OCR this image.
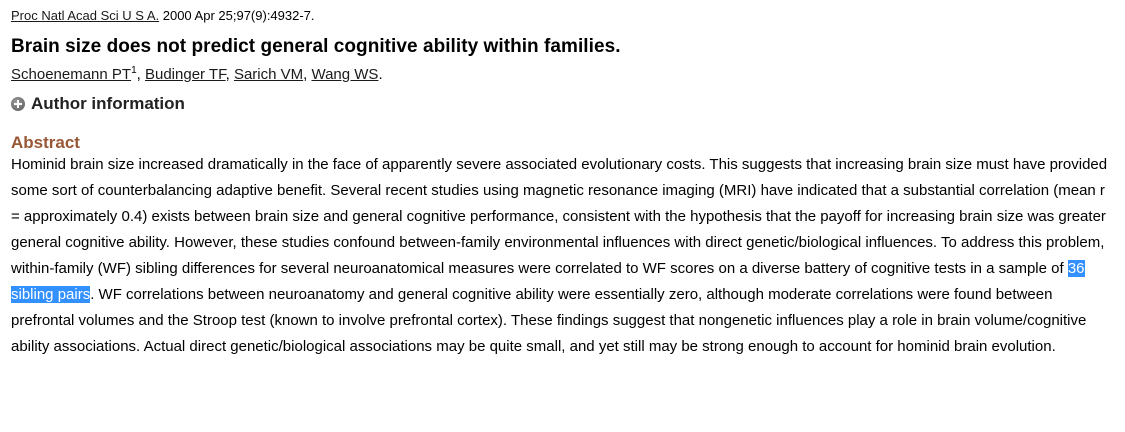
Proc Natl Acad Sci U S A. 2000 Apr 25;97(9):4932-7.
Brain size does not predict general cognitive ability within families.
Schoenemann $PT^1$, Budinger TF, Sarich VM, Wang WS.
Author information
Abstract
Hominid brain size increased dramatically in the face of apparently severe associated evolutionary costs. This suggests that increasing brain size must have provided some sort of counterbalancing adaptive benefit. Several recent studies using magnetic resonance imaging (MRI) have indicated that a substantial correlation (mean r = approximately 0.4) exists between brain size and general cognitive performance, consistent with the hypothesis that the payoff for increasing brain size was greater general cognitive ability. However, these studies confound between-family environmental influences with direct genetic/biological influences. To address this problem, within-family (WF) sibling differences for several neuroanatomical measures were correlated to WF scores on a diverse battery of cognitive tests in a sample of 36 sibling pairs. WF correlations between neuroanatomy and general cognitive ability were essentially zero, although moderate correlations were found between prefrontal volumes and the Stroop test (known to involve prefrontal cortex). These findings suggest that nongenetic influences play a role in brain volume/cognitive ability associations. Actual direct genetic/biological associations may be quite small, and yet still may be strong enough to account for hominid brain evolution.
